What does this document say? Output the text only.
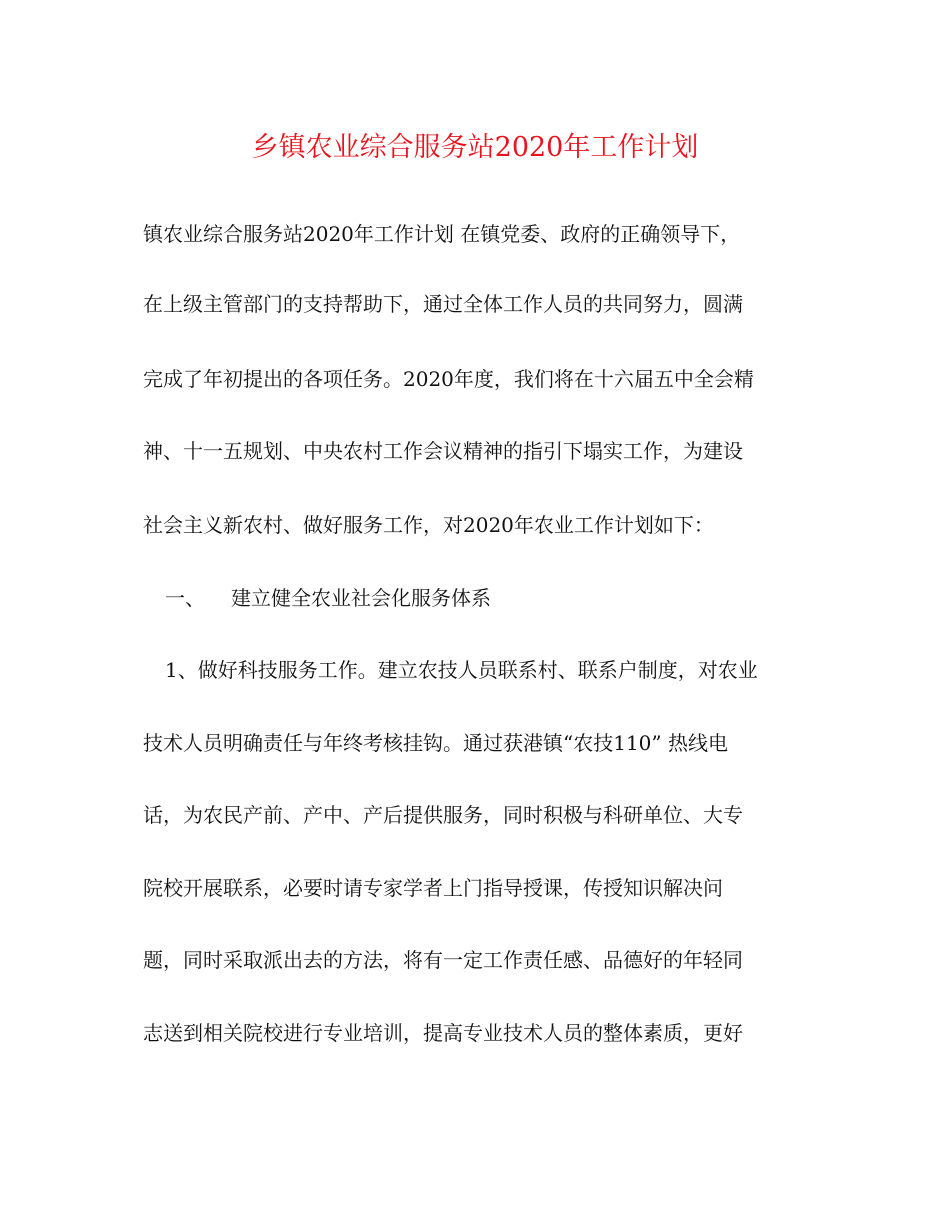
乡镇农业综合服务站2020年工作计划
镇农业综合服务站2020年工作计划 在镇党委、政府的正确领导下，
在上级主管部门的支持帮助下，通过全体工作人员的共同努力，圆满
完成了年初提出的各项任务。2020年度，我们将在十六届五中全会精
神、十一五规划、中央农村工作会议精神的指引下塌实工作，为建设
社会主义新农村、做好服务工作，对2020年农业工作计划如下：
一、 建立健全农业社会化服务体系
1、做好科技服务工作。建立农技人员联系村、联系户制度，对农业
技术人员明确责任与年终考核挂钩。通过获港镇“农技110” 热线电
话，为农民产前、产中、产后提供服务，同时积极与科研单位、大专
院校开展联系，必要时请专家学者上门指导授课，传授知识解决问
题，同时采取派出去的方法，将有一定工作责任感、品德好的年轻同
志送到相关院校进行专业培训，提高专业技术人员的整体素质，更好
